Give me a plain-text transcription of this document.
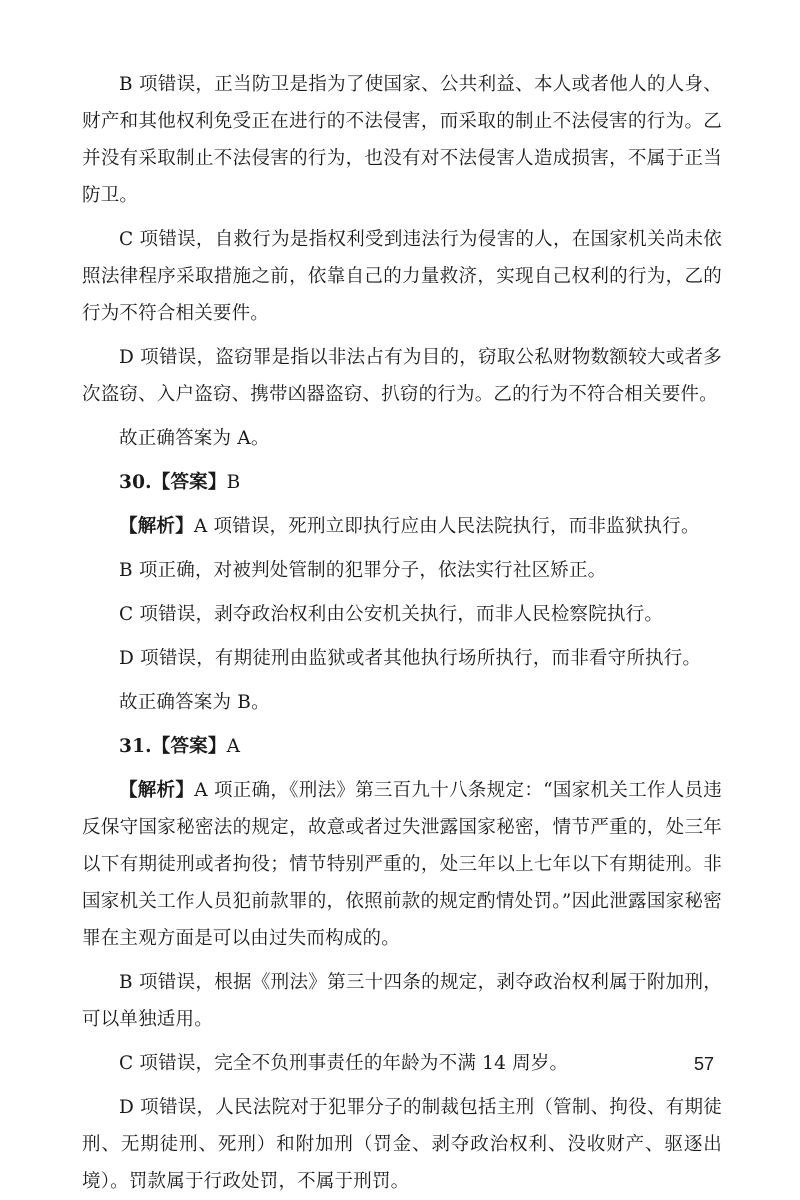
B 项错误，正当防卫是指为了使国家、公共利益、本人或者他人的人身、财产和其他权利免受正在进行的不法侵害，而采取的制止不法侵害的行为。乙并没有采取制止不法侵害的行为，也没有对不法侵害人造成损害，不属于正当防卫。

C 项错误，自救行为是指权利受到违法行为侵害的人，在国家机关尚未依照法律程序采取措施之前，依靠自己的力量救济，实现自己权利的行为，乙的行为不符合相关要件。

D 项错误，盗窃罪是指以非法占有为目的，窃取公私财物数额较大或者多次盗窃、入户盗窃、携带凶器盗窃、扒窃的行为。乙的行为不符合相关要件。

故正确答案为 A。

30.【答案】B

【解析】A 项错误，死刑立即执行应由人民法院执行，而非监狱执行。

B 项正确，对被判处管制的犯罪分子，依法实行社区矫正。

C 项错误，剥夺政治权利由公安机关执行，而非人民检察院执行。

D 项错误，有期徒刑由监狱或者其他执行场所执行，而非看守所执行。

故正确答案为 B。

31.【答案】A

【解析】A 项正确，《刑法》第三百九十八条规定：“国家机关工作人员违反保守国家秘密法的规定，故意或者过失泄露国家秘密，情节严重的，处三年以下有期徒刑或者拘役；情节特别严重的，处三年以上七年以下有期徒刑。非国家机关工作人员犯前款罪的，依照前款的规定酌情处罚。”因此泄露国家秘密罪在主观方面是可以由过失而构成的。

B 项错误，根据《刑法》第三十四条的规定，剥夺政治权利属于附加刑，可以单独适用。

C 项错误，完全不负刑事责任的年龄为不满 14 周岁。

D 项错误，人民法院对于犯罪分子的制裁包括主刑（管制、拘役、有期徒刑、无期徒刑、死刑）和附加刑（罚金、剥夺政治权利、没收财产、驱逐出境）。罚款属于行政处罚，不属于刑罚。

57
